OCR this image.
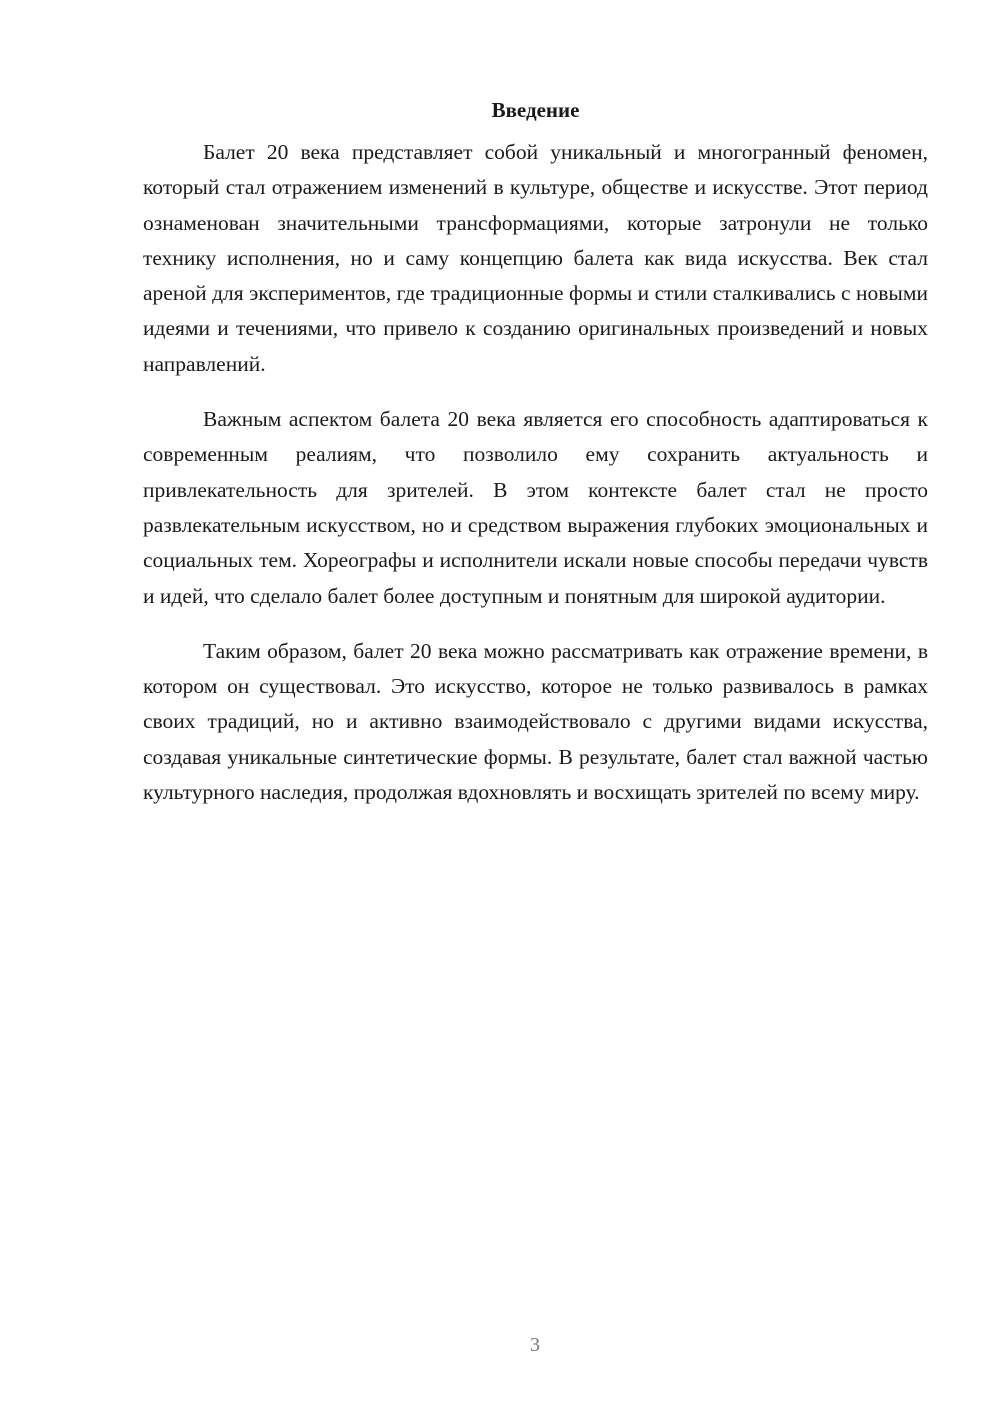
Введение

Балет 20 века представляет собой уникальный и многогранный феномен, который стал отражением изменений в культуре, обществе и искусстве. Этот период ознаменован значительными трансформациями, которые затронули не только технику исполнения, но и саму концепцию балета как вида искусства. Век стал ареной для экспериментов, где традиционные формы и стили сталкивались с новыми идеями и течениями, что привело к созданию оригинальных произведений и новых направлений.

Важным аспектом балета 20 века является его способность адаптироваться к современным реалиям, что позволило ему сохранить актуальность и привлекательность для зрителей. В этом контексте балет стал не просто развлекательным искусством, но и средством выражения глубоких эмоциональных и социальных тем. Хореографы и исполнители искали новые способы передачи чувств и идей, что сделало балет более доступным и понятным для широкой аудитории.

Таким образом, балет 20 века можно рассматривать как отражение времени, в котором он существовал. Это искусство, которое не только развивалось в рамках своих традиций, но и активно взаимодействовало с другими видами искусства, создавая уникальные синтетические формы. В результате, балет стал важной частью культурного наследия, продолжая вдохновлять и восхищать зрителей по всему миру.

3
